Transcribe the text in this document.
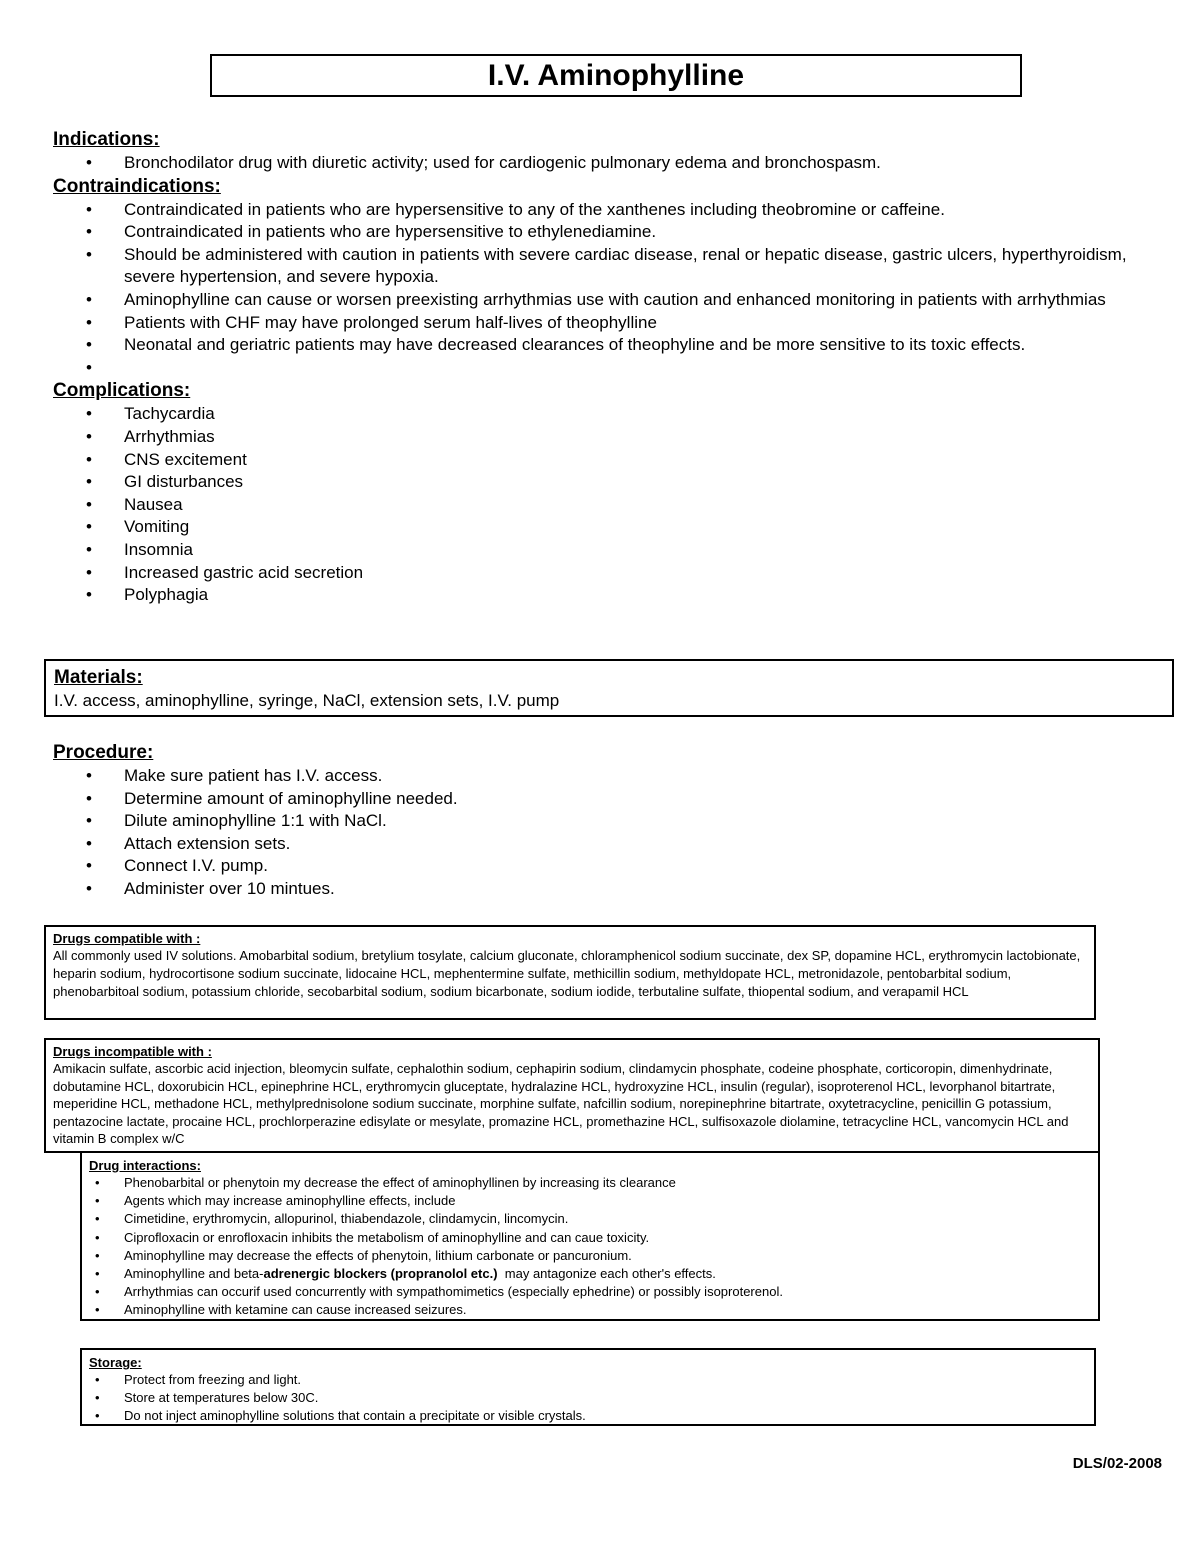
I.V. Aminophylline

Indications:

• Bronchodilator drug with diuretic activity; used for cardiogenic pulmonary edema and bronchospasm.

Contraindications:

• Contraindicated in patients who are hypersensitive to any of the xanthenes including theobromine or caffeine.
• Contraindicated in patients who are hypersensitive to ethylenediamine.
• Should be administered with caution in patients with severe cardiac disease, renal or hepatic disease, gastric ulcers, hyperthyroidism, severe hypertension, and severe hypoxia.
• Aminophylline can cause or worsen preexisting arrhythmias use with caution and enhanced monitoring in patients with arrhythmias
• Patients with CHF may have prolonged serum half-lives of theophylline
• Neonatal and geriatric patients may have decreased clearances of theophyline and be more sensitive to its toxic effects.
•

Complications:

• Tachycardia
• Arrhythmias
• CNS excitement
• GI disturbances
• Nausea
• Vomiting
• Insomnia
• Increased gastric acid secretion
• Polyphagia

Materials:

I.V. access, aminophylline, syringe, NaCl, extension sets, I.V. pump

Procedure:

• Make sure patient has I.V. access.
• Determine amount of aminophylline needed.
• Dilute aminophylline 1:1 with NaCl.
• Attach extension sets.
• Connect I.V. pump.
• Administer over 10 mintues.
Drugs compatible with :
All commonly used IV solutions. Amobarbital sodium, bretylium tosylate, calcium gluconate, chloramphenicol sodium succinate, dex SP, dopamine HCL, erythromycin lactobionate, heparin sodium, hydrocortisone sodium succinate, lidocaine HCL, mephentermine sulfate, methicillin sodium, methyldopate HCL, metronidazole, pentobarbital sodium, phenobarbitoal sodium, potassium chloride, secobarbital sodium, sodium bicarbonate, sodium iodide, terbutaline sulfate, thiopental sodium, and verapamil HCL
Drugs incompatible with :
Amikacin sulfate, ascorbic acid injection, bleomycin sulfate, cephalothin sodium, cephapirin sodium, clindamycin phosphate, codeine phosphate, corticoropin, dimenhydrinate, dobutamine HCL, doxorubicin HCL, epinephrine HCL, erythromycin gluceptate, hydralazine HCL, hydroxyzine HCL, insulin (regular), isoproterenol HCL, levorphanol bitartrate, meperidine HCL, methadone HCL, methylprednisolone sodium succinate, morphine sulfate, nafcillin sodium, norepinephrine bitartrate, oxytetracycline, penicillin G potassium, pentazocine lactate, procaine HCL, prochlorperazine edisylate or mesylate, promazine HCL, promethazine HCL, sulfisoxazole diolamine, tetracycline HCL, vancomycin HCL and vitamin B complex w/C
Drug interactions:
• Phenobarbital or phenytoin my decrease the effect of aminophyllinen by increasing its clearance
• Agents which may increase aminophylline effects, include
• Cimetidine, erythromycin, allopurinol, thiabendazole, clindamycin, lincomycin.
• Ciprofloxacin or enrofloxacin inhibits the metabolism of aminophylline and can caue toxicity.
• Aminophylline may decrease the effects of phenytoin, lithium carbonate or pancuronium.
• Aminophylline and beta-adrenergic blockers (propranolol etc.)  may antagonize each other's effects.
• Arrhythmias can occurif used concurrently with sympathomimetics (especially ephedrine) or possibly isoproterenol.
• Aminophylline with ketamine can cause increased seizures.
Storage:
• Protect from freezing and light.
• Store at temperatures below 30C.
• Do not inject aminophylline solutions that contain a precipitate or visible crystals.
DLS/02-2008
